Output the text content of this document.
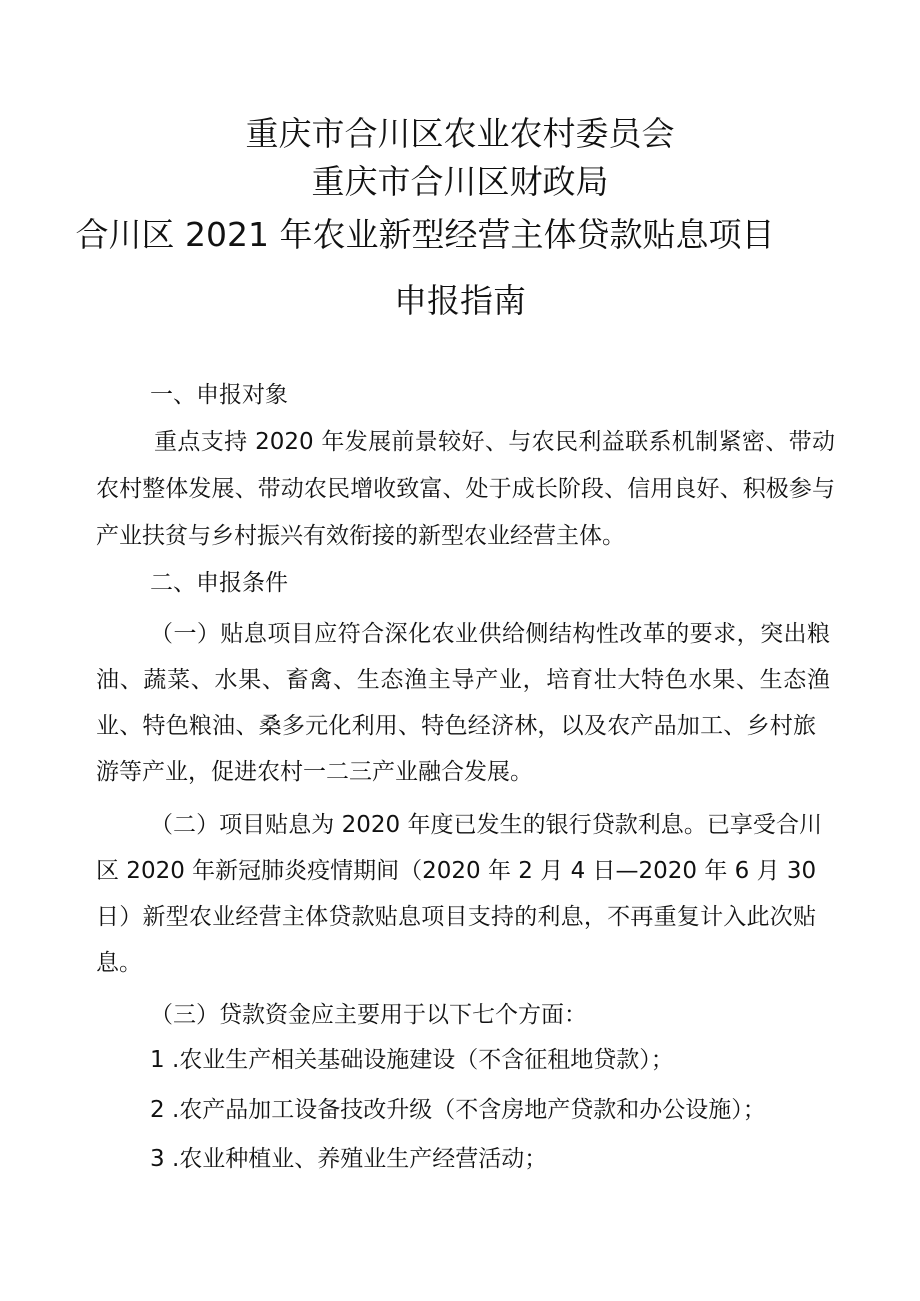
重庆市合川区农业农村委员会
重庆市合川区财政局
合川区 2021 年农业新型经营主体贷款贴息项目
申报指南
一、申报对象
重点支持 2020 年发展前景较好、与农民利益联系机制紧密、带动
农村整体发展、带动农民增收致富、处于成长阶段、信用良好、积极参与
产业扶贫与乡村振兴有效衔接的新型农业经营主体。
二、申报条件
（一）贴息项目应符合深化农业供给侧结构性改革的要求，突出粮
油、蔬菜、水果、畜禽、生态渔主导产业，培育壮大特色水果、生态渔
业、特色粮油、桑多元化利用、特色经济林，以及农产品加工、乡村旅
游等产业，促进农村一二三产业融合发展。
（二）项目贴息为 2020 年度已发生的银行贷款利息。已享受合川
区 2020 年新冠肺炎疫情期间（2020 年 2 月 4 日—2020 年 6 月 30
日）新型农业经营主体贷款贴息项目支持的利息，不再重复计入此次贴
息。
（三）贷款资金应主要用于以下七个方面：
1 .农业生产相关基础设施建设（不含征租地贷款）；
2 .农产品加工设备技改升级（不含房地产贷款和办公设施）；
3 .农业种植业、养殖业生产经营活动；
